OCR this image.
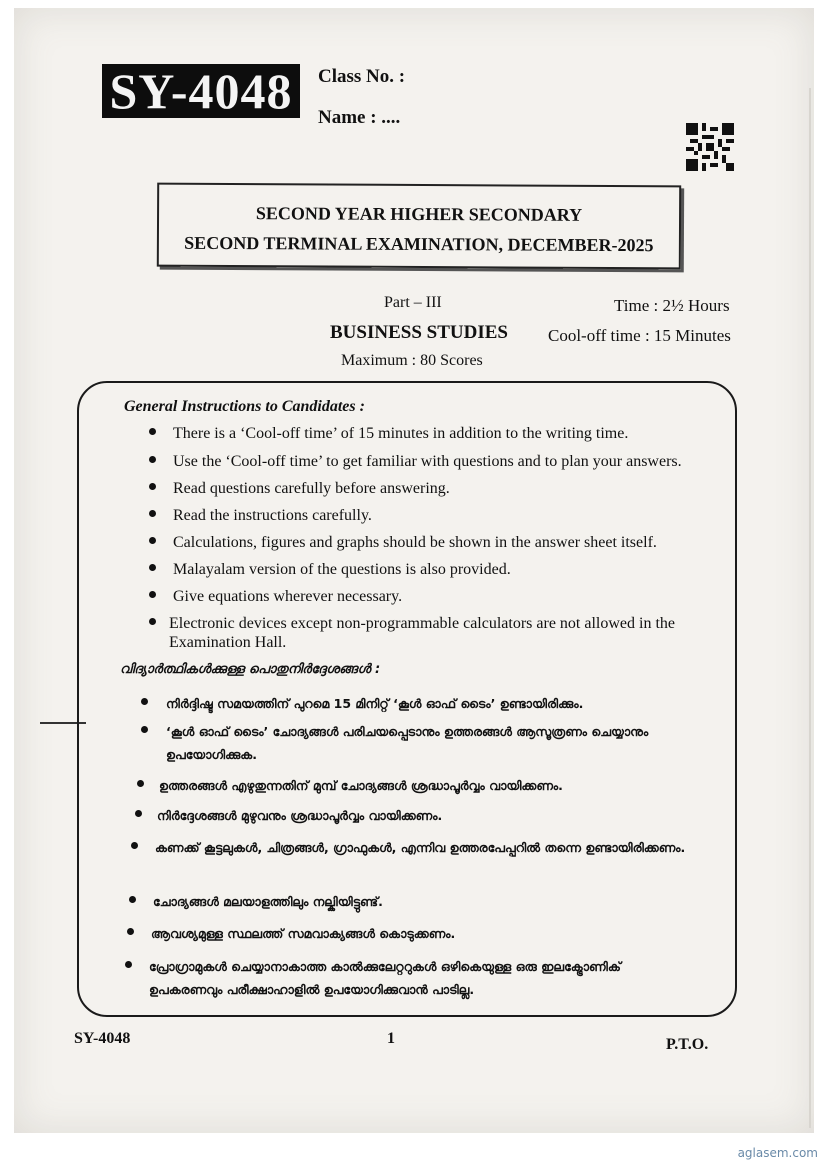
SY-4048	Class No. :
Name : ....
SECOND YEAR HIGHER SECONDARY
SECOND TERMINAL EXAMINATION, DECEMBER-2025
Part – III
BUSINESS STUDIES
Maximum : 80 Scores
Time : 2½ Hours
Cool-off time : 15 Minutes
General Instructions to Candidates :
There is a ‘Cool-off time’ of 15 minutes in addition to the writing time.
Use the ‘Cool-off time’ to get familiar with questions and to plan your answers.
Read questions carefully before answering.
Read the instructions carefully.
Calculations, figures and graphs should be shown in the answer sheet itself.
Malayalam version of the questions is also provided.
Give equations wherever necessary.
Electronic devices except non-programmable calculators are not allowed in the Examination Hall.
വിദ്യാർത്ഥികൾക്കുള്ള പൊതുനിർദ്ദേശങ്ങൾ :
നിർദ്ദിഷ്ട സമയത്തിന് പുറമെ 15 മിനിറ്റ് ‘കൂൾ ഓഫ് ടൈം’ ഉണ്ടായിരിക്കും.
‘കൂൾ ഓഫ് ടൈം’ ചോദ്യങ്ങൾ പരിചയപ്പെടാനും ഉത്തരങ്ങൾ ആസൂത്രണം ചെയ്യാനും ഉപയോഗിക്കുക.
ഉത്തരങ്ങൾ എഴുതുന്നതിന് മുമ്പ് ചോദ്യങ്ങൾ ശ്രദ്ധാപൂർവ്വം വായിക്കണം.
നിർദ്ദേശങ്ങൾ മുഴുവനും ശ്രദ്ധാപൂർവ്വം വായിക്കണം.
കണക്ക് കൂട്ടലുകൾ, ചിത്രങ്ങൾ, ഗ്രാഫുകൾ, എന്നിവ ഉത്തരപേപ്പറിൽ തന്നെ ഉണ്ടായിരിക്കണം.
ചോദ്യങ്ങൾ മലയാളത്തിലും നല്കിയിട്ടുണ്ട്.
ആവശ്യമുള്ള സ്ഥലത്ത് സമവാക്യങ്ങൾ കൊടുക്കണം.
പ്രോഗ്രാമുകൾ ചെയ്യാനാകാത്ത കാൽക്കുലേറ്ററുകൾ ഒഴികെയുള്ള ഒരു ഇലക്ട്രോണിക് ഉപകരണവും പരീക്ഷാഹാളിൽ ഉപയോഗിക്കുവാൻ പാടില്ല.
SY-4048	1	P.T.O.
aglasem.com
